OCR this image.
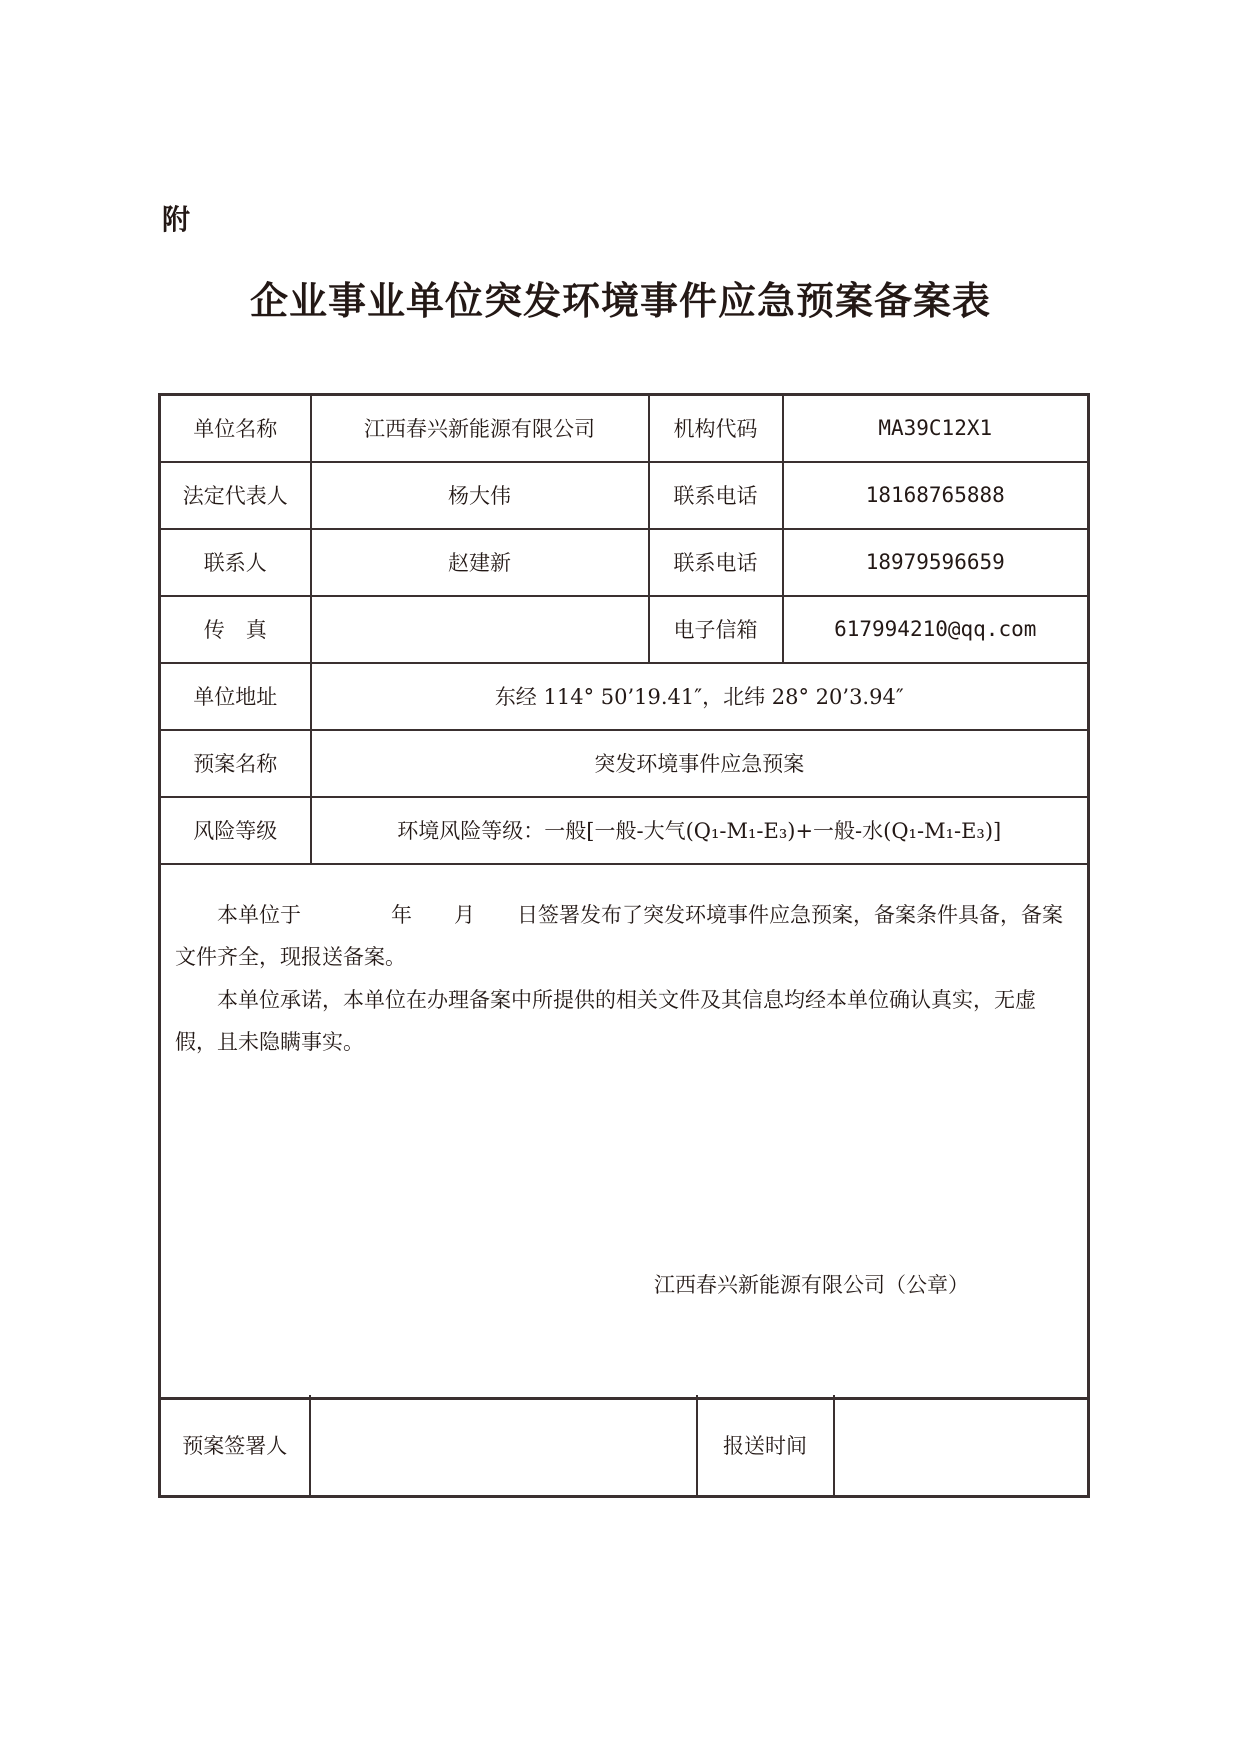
附
企业事业单位突发环境事件应急预案备案表
单位名称	江西春兴新能源有限公司	机构代码	MA39C12X1
法定代表人	杨大伟	联系电话	18168765888
联系人	赵建新	联系电话	18979596659
传　真		电子信箱	617994210@qq.com
单位地址	东经 114° 50’19.41″，北纬 28° 20’3.94″		
预案名称	突发环境事件应急预案		
风险等级	环境风险等级：一般[一般-大气(Q₁-M₁-E₃)+一般-水(Q₁-M₁-E₃)]		

本单位于 年 月 日签署发布了突发环境事件应急预案，备案条件具备，备案文件齐全，现报送备案。
本单位承诺，本单位在办理备案中所提供的相关文件及其信息均经本单位确认真实，无虚假，且未隐瞒事实。
江西春兴新能源有限公司（公章）			
预案签署人		报送时间	
